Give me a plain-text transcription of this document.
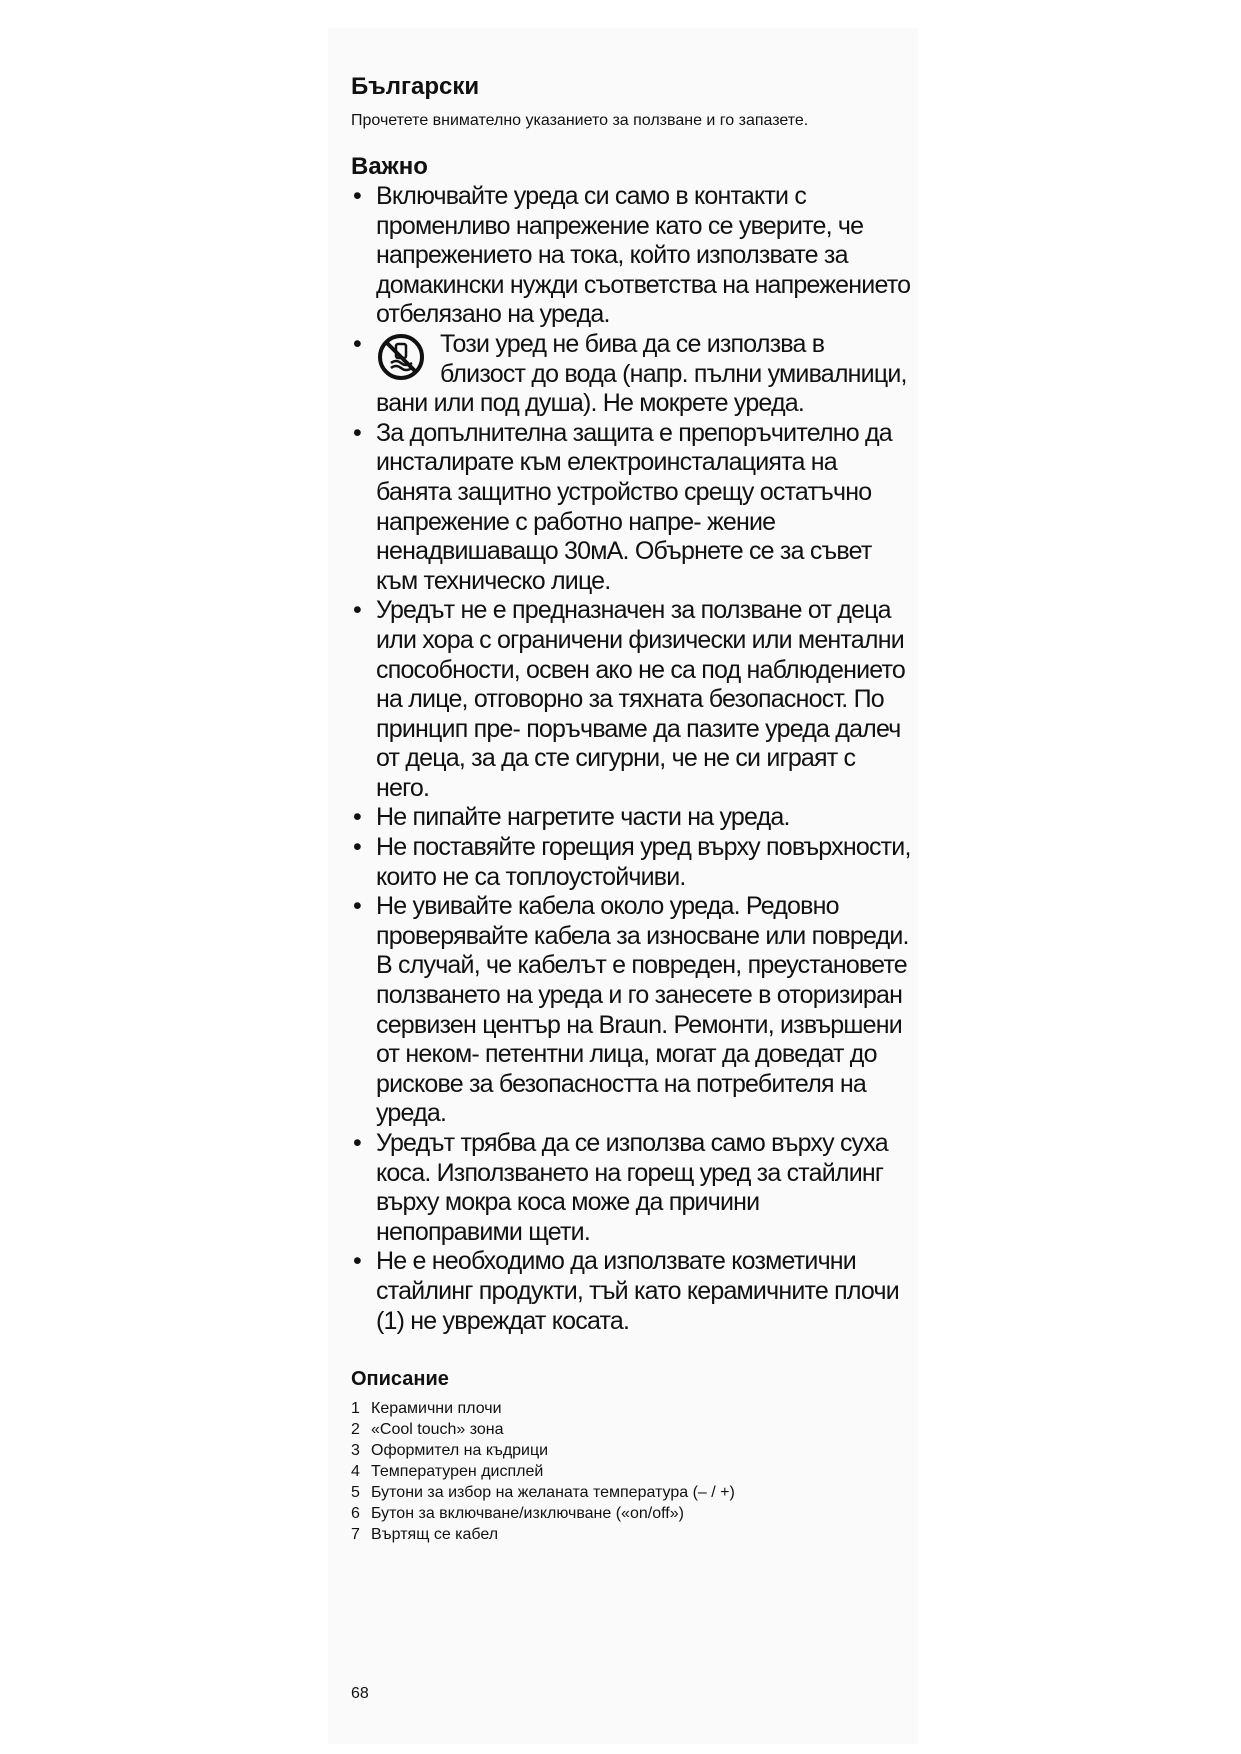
Български

Прочетете внимателно указанието за ползване и го запазете.

Важно
• Включвайте уреда си само в контакти с променливо напрежение като се уверите, че напрежението на тока, който използвате за домакински нужди съответства на напрежението отбелязано на уреда.
•	Този уред не бива да се използва в близост до вода (напр. пълни умивалници, вани или под душа). Не мокрете уреда.
• За допълнителна защита е препоръчително да инсталирате към електроинсталацията на банята защитно устройство срещу остатъчно напрежение с работно напре- жение ненадвишаващо 30мА. Обърнете се за съвет към техническо лице.
• Уредът не е предназначен за ползване от деца или хора с ограничени физически или ментални способности, освен ако не са под наблюдението на лице, отговорно за тяхната безопасност. По принцип пре- поръчваме да пазите уреда далеч от деца, за да сте сигурни, че не си играят с него.
• Не пипайте нагретите части на уреда.
• Не поставяйте горещия уред върху повърхности, които не са топлоустойчиви.
• Не увивайте кабела около уреда. Редовно проверявайте кабела за износване или повреди. В случай, че кабелът е повреден, преустановете ползването на уреда и го занесете в оторизиран сервизен център на Braun. Ремонти, извършени от неком- петентни лица, могат да доведат до рискове за безопасността на потребителя на уреда.
• Уредът трябва да се използва само върху суха коса. Използването на горещ уред за стайлинг върху мокра коса може да причини непоправими щети.
• Не е необходимо да използвате козметични стайлинг продукти, тъй като керамичните плочи (1) не увреждат косата.
Описание
1 Керамични плочи
2 «Cool touch» зона
3 Оформител на къдрици
4 Температурен дисплей
5 Бутони за избор на желаната температура (– / +)
6 Бутон за включване/изключване («on/off»)
7 Въртящ се кабел
68
